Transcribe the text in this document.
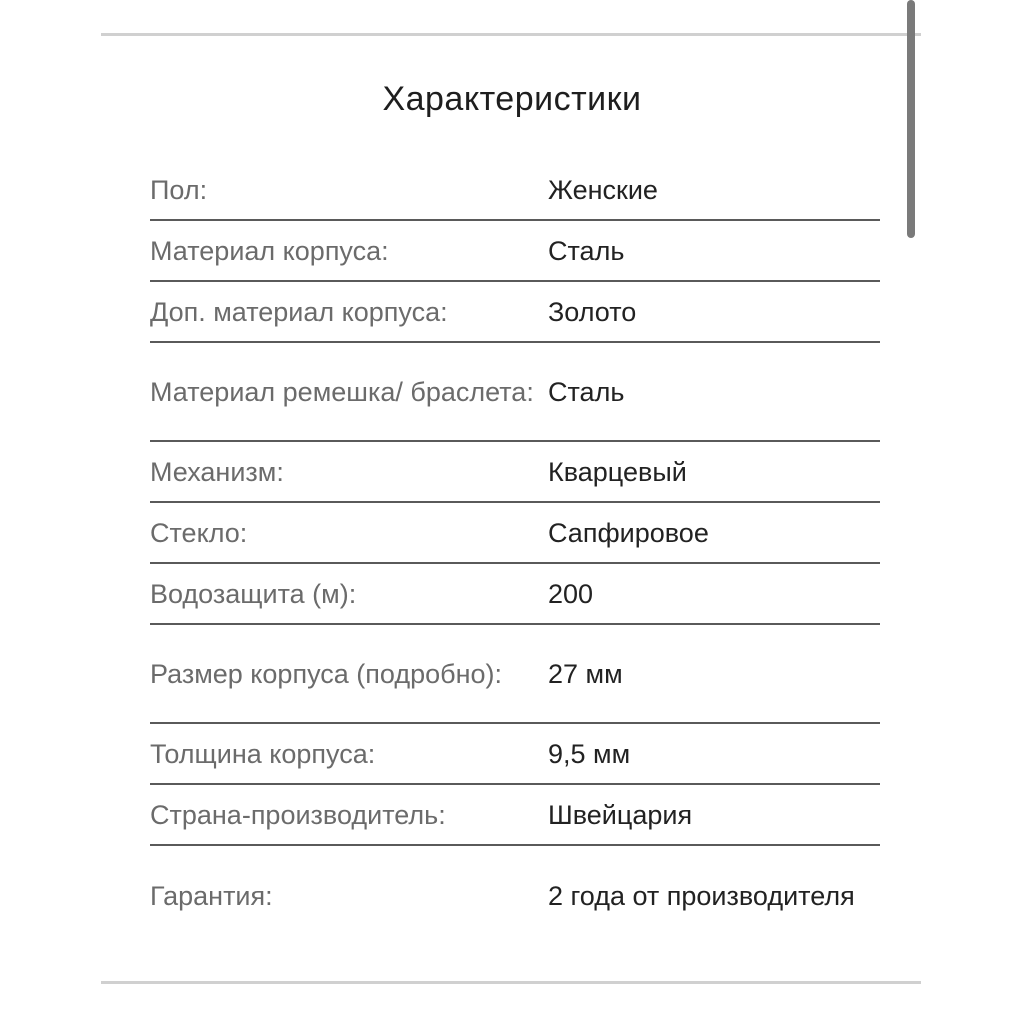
Характеристики
Пол:	Женские
Материал корпуса:	Сталь
Доп. материал корпуса:	Золото
Материал ремешка/ браслета: Сталь
Механизм:	Кварцевый
Стекло:	Сапфировое
Водозащита (м):	200
Размер корпуса (подробно):	27 мм
Толщина корпуса:	9,5 мм
Страна-производитель:	Швейцария
Гарантия:	2 года от производителя
